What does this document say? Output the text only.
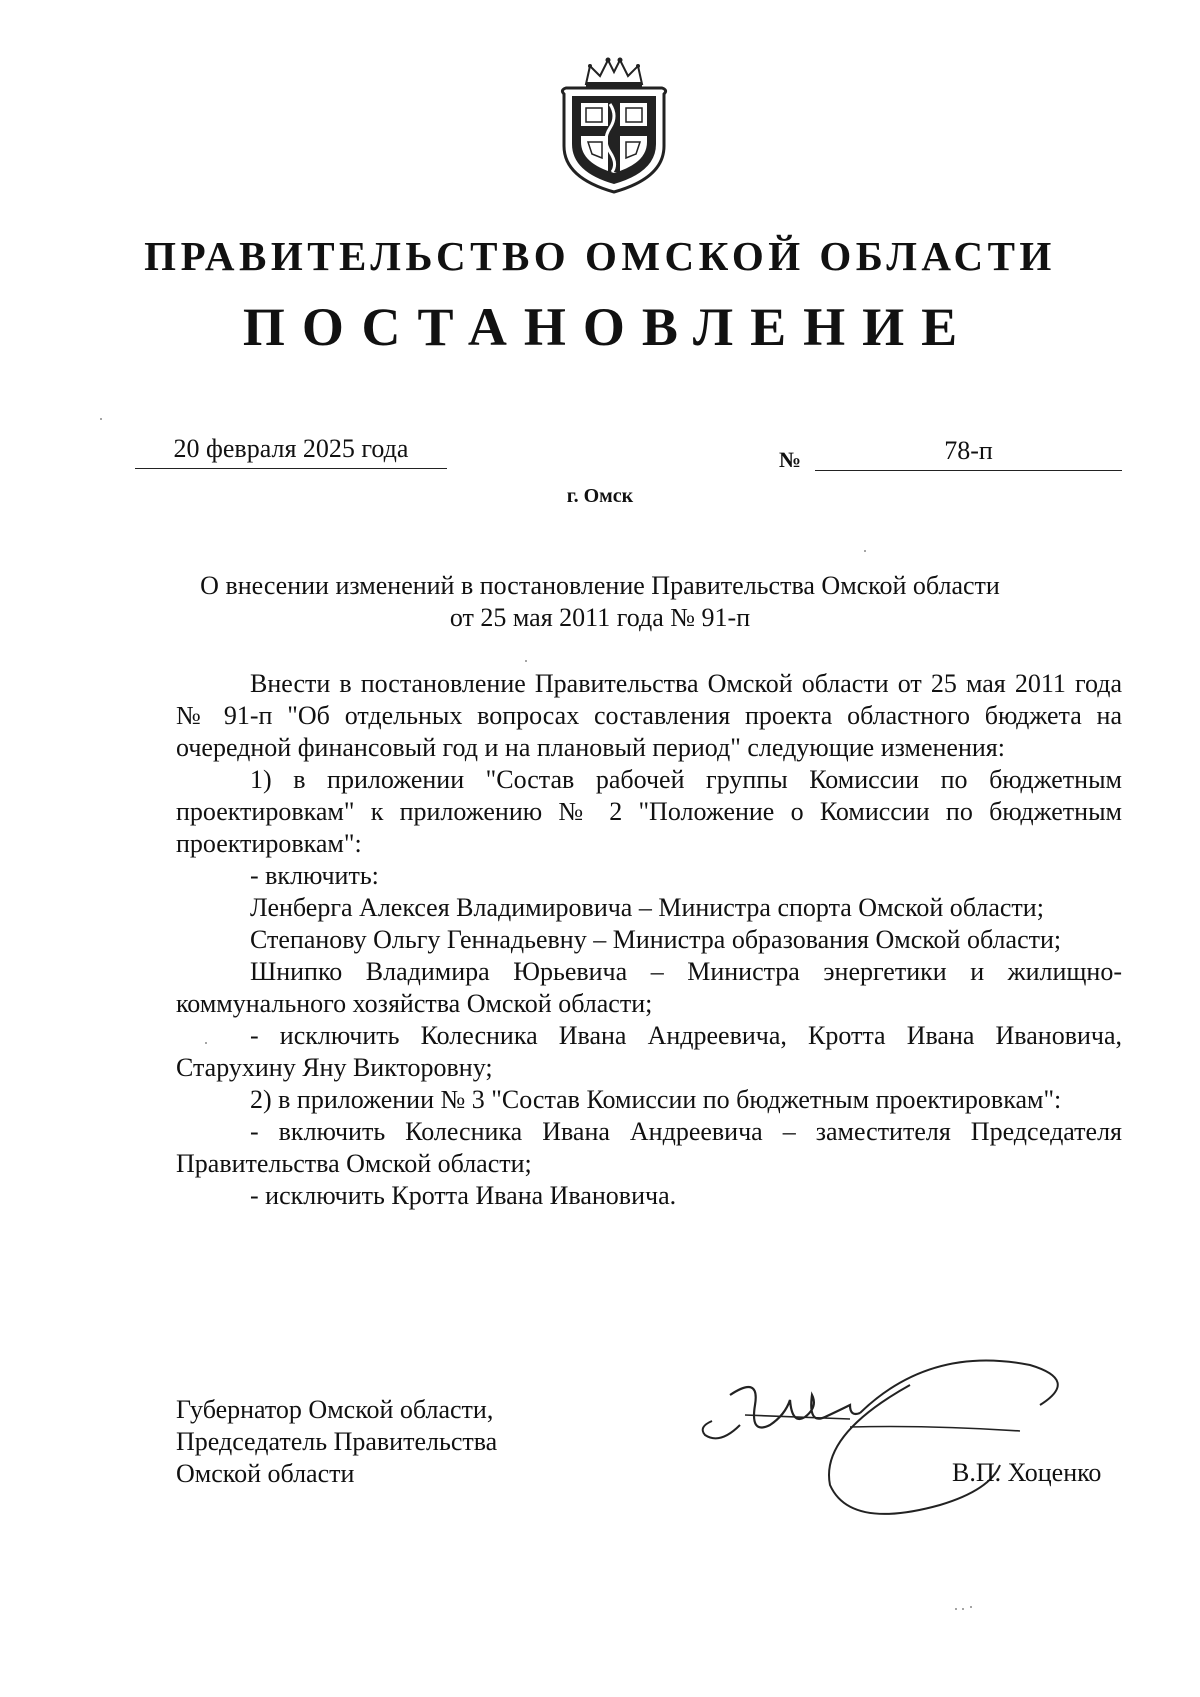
ПРАВИТЕЛЬСТВО ОМСКОЙ ОБЛАСТИ
ПОСТАНОВЛЕНИЕ
20 февраля 2025 года	№	78-п
г. Омск
О внесении изменений в постановление Правительства Омской области
от 25 мая 2011 года № 91-п

Внести в постановление Правительства Омской области от 25 мая 2011 года № 91-п "Об отдельных вопросах составления проекта областного бюджета на очередной финансовый год и на плановый период" следующие изменения:

1) в приложении "Состав рабочей группы Комиссии по бюджетным проектировкам" к приложению № 2 "Положение о Комиссии по бюджетным проектировкам":

- включить:

Ленберга Алексея Владимировича – Министра спорта Омской области;

Степанову Ольгу Геннадьевну – Министра образования Омской области;

Шнипко Владимира Юрьевича – Министра энергетики и жилищно-коммунального хозяйства Омской области;

- исключить Колесника Ивана Андреевича, Кротта Ивана Ивановича, Старухину Яну Викторовну;

2) в приложении № 3 "Состав Комиссии по бюджетным проектировкам":

- включить Колесника Ивана Андреевича – заместителя Председателя Правительства Омской области;

- исключить Кротта Ивана Ивановича.

Губернатор Омской области,
Председатель Правительства
Омской области	В.П. Хоценко
